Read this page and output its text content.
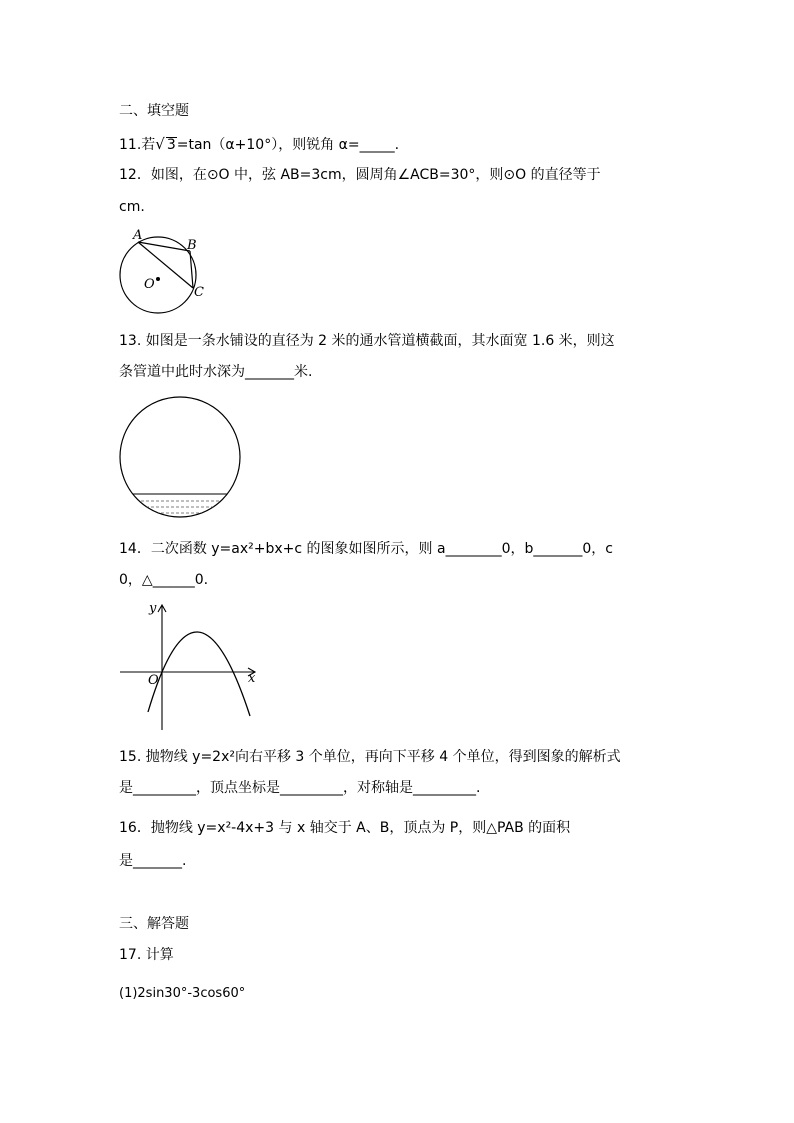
二、填空题
11.若√ 3=tan（α+10°），则锐角 α=_____.
12．如图，在⊙O 中，弦 AB=3cm，圆周角∠ACB=30°，则⊙O 的直径等于
cm.
A
B
C
O
13. 如图是一条水铺设的直径为 2 米的通水管道横截面，其水面宽 1.6 米，则这
条管道中此时水深为_______米.
14．二次函数 y=ax²+bx+c 的图象如图所示，则 a________0，b_______0，c
0，△______0.
x
y
O
15. 抛物线 y=2x²向右平移 3 个单位，再向下平移 4 个单位，得到图象的解析式
是_________，顶点坐标是_________，对称轴是_________.
16．抛物线 y=x²-4x+3 与 x 轴交于 A、B，顶点为 P，则△PAB 的面积
是_______.
三、解答题
17. 计算
(1)2sin30°-3cos60°
